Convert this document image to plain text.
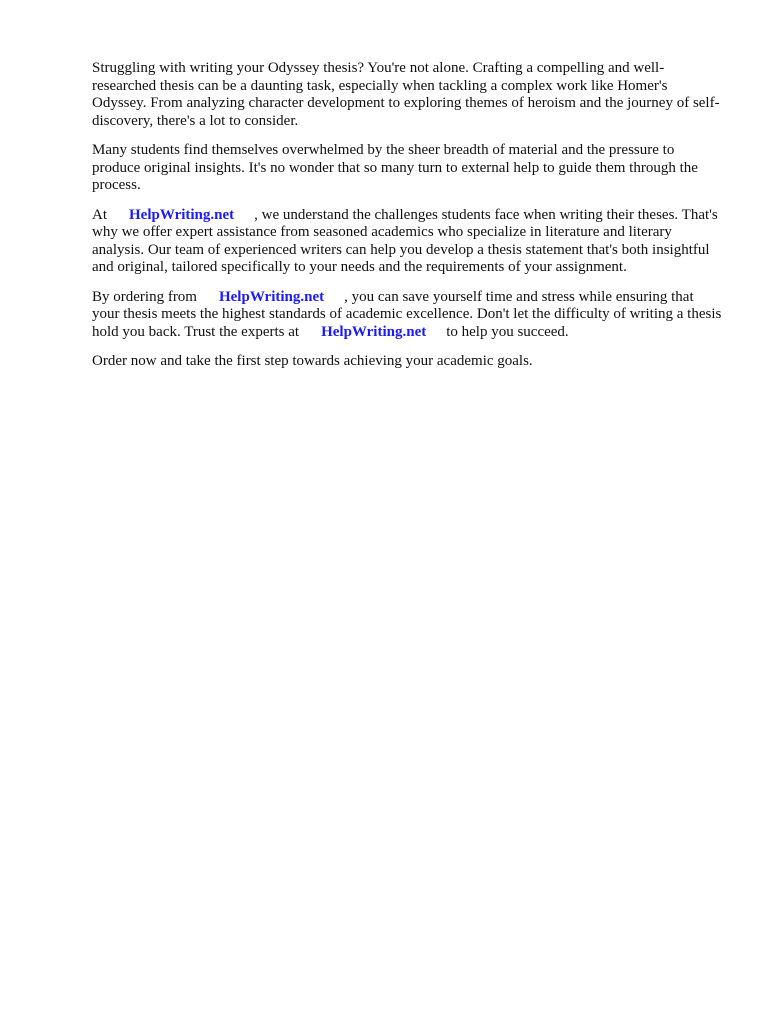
Struggling with writing your Odyssey thesis? You're not alone. Crafting a compelling and well-researched thesis can be a daunting task, especially when tackling a complex work like Homer's Odyssey. From analyzing character development to exploring themes of heroism and the journey of self-discovery, there's a lot to consider.

Many students find themselves overwhelmed by the sheer breadth of material and the pressure to produce original insights. It's no wonder that so many turn to external help to guide them through the process.

At HelpWriting.net , we understand the challenges students face when writing their theses. That's why we offer expert assistance from seasoned academics who specialize in literature and literary analysis. Our team of experienced writers can help you develop a thesis statement that's both insightful and original, tailored specifically to your needs and the requirements of your assignment.

By ordering from HelpWriting.net , you can save yourself time and stress while ensuring that your thesis meets the highest standards of academic excellence. Don't let the difficulty of writing a thesis hold you back. Trust the experts at HelpWriting.net to help you succeed.

Order now and take the first step towards achieving your academic goals.
